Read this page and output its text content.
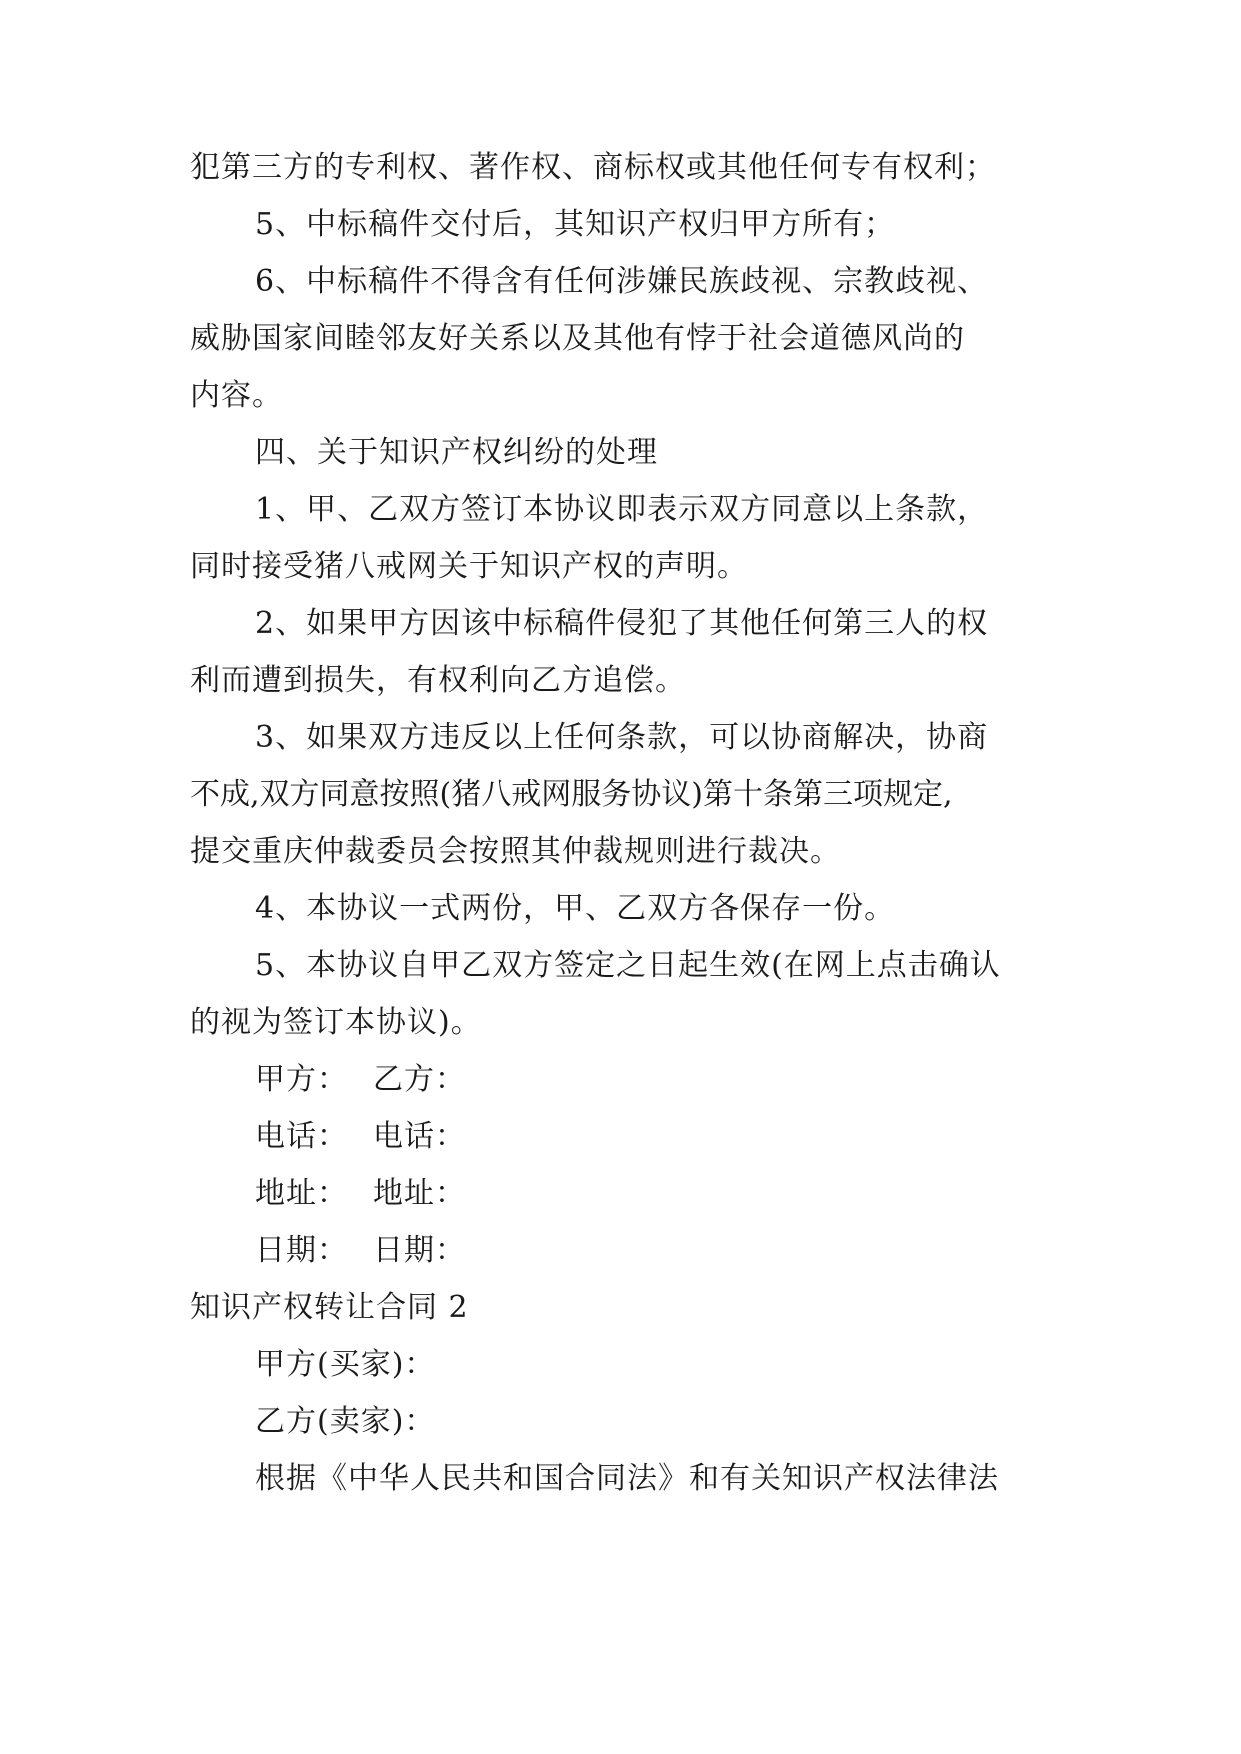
犯第三方的专利权、著作权、商标权或其他任何专有权利；
5、中标稿件交付后，其知识产权归甲方所有；
6、中标稿件不得含有任何涉嫌民族歧视、宗教歧视、
威胁国家间睦邻友好关系以及其他有悖于社会道德风尚的
内容。
四、关于知识产权纠纷的处理
1、甲、乙双方签订本协议即表示双方同意以上条款，
同时接受猪八戒网关于知识产权的声明。
2、如果甲方因该中标稿件侵犯了其他任何第三人的权
利而遭到损失，有权利向乙方追偿。
3、如果双方违反以上任何条款，可以协商解决，协商
不成,双方同意按照(猪八戒网服务协议)第十条第三项规定,
提交重庆仲裁委员会按照其仲裁规则进行裁决。
4、本协议一式两份，甲、乙双方各保存一份。
5、本协议自甲乙双方签定之日起生效(在网上点击确认
的视为签订本协议)。
甲方： 乙方：
电话： 电话：
地址： 地址：
日期： 日期：
知识产权转让合同 2
甲方(买家)：
乙方(卖家)：
根据《中华人民共和国合同法》和有关知识产权法律法
